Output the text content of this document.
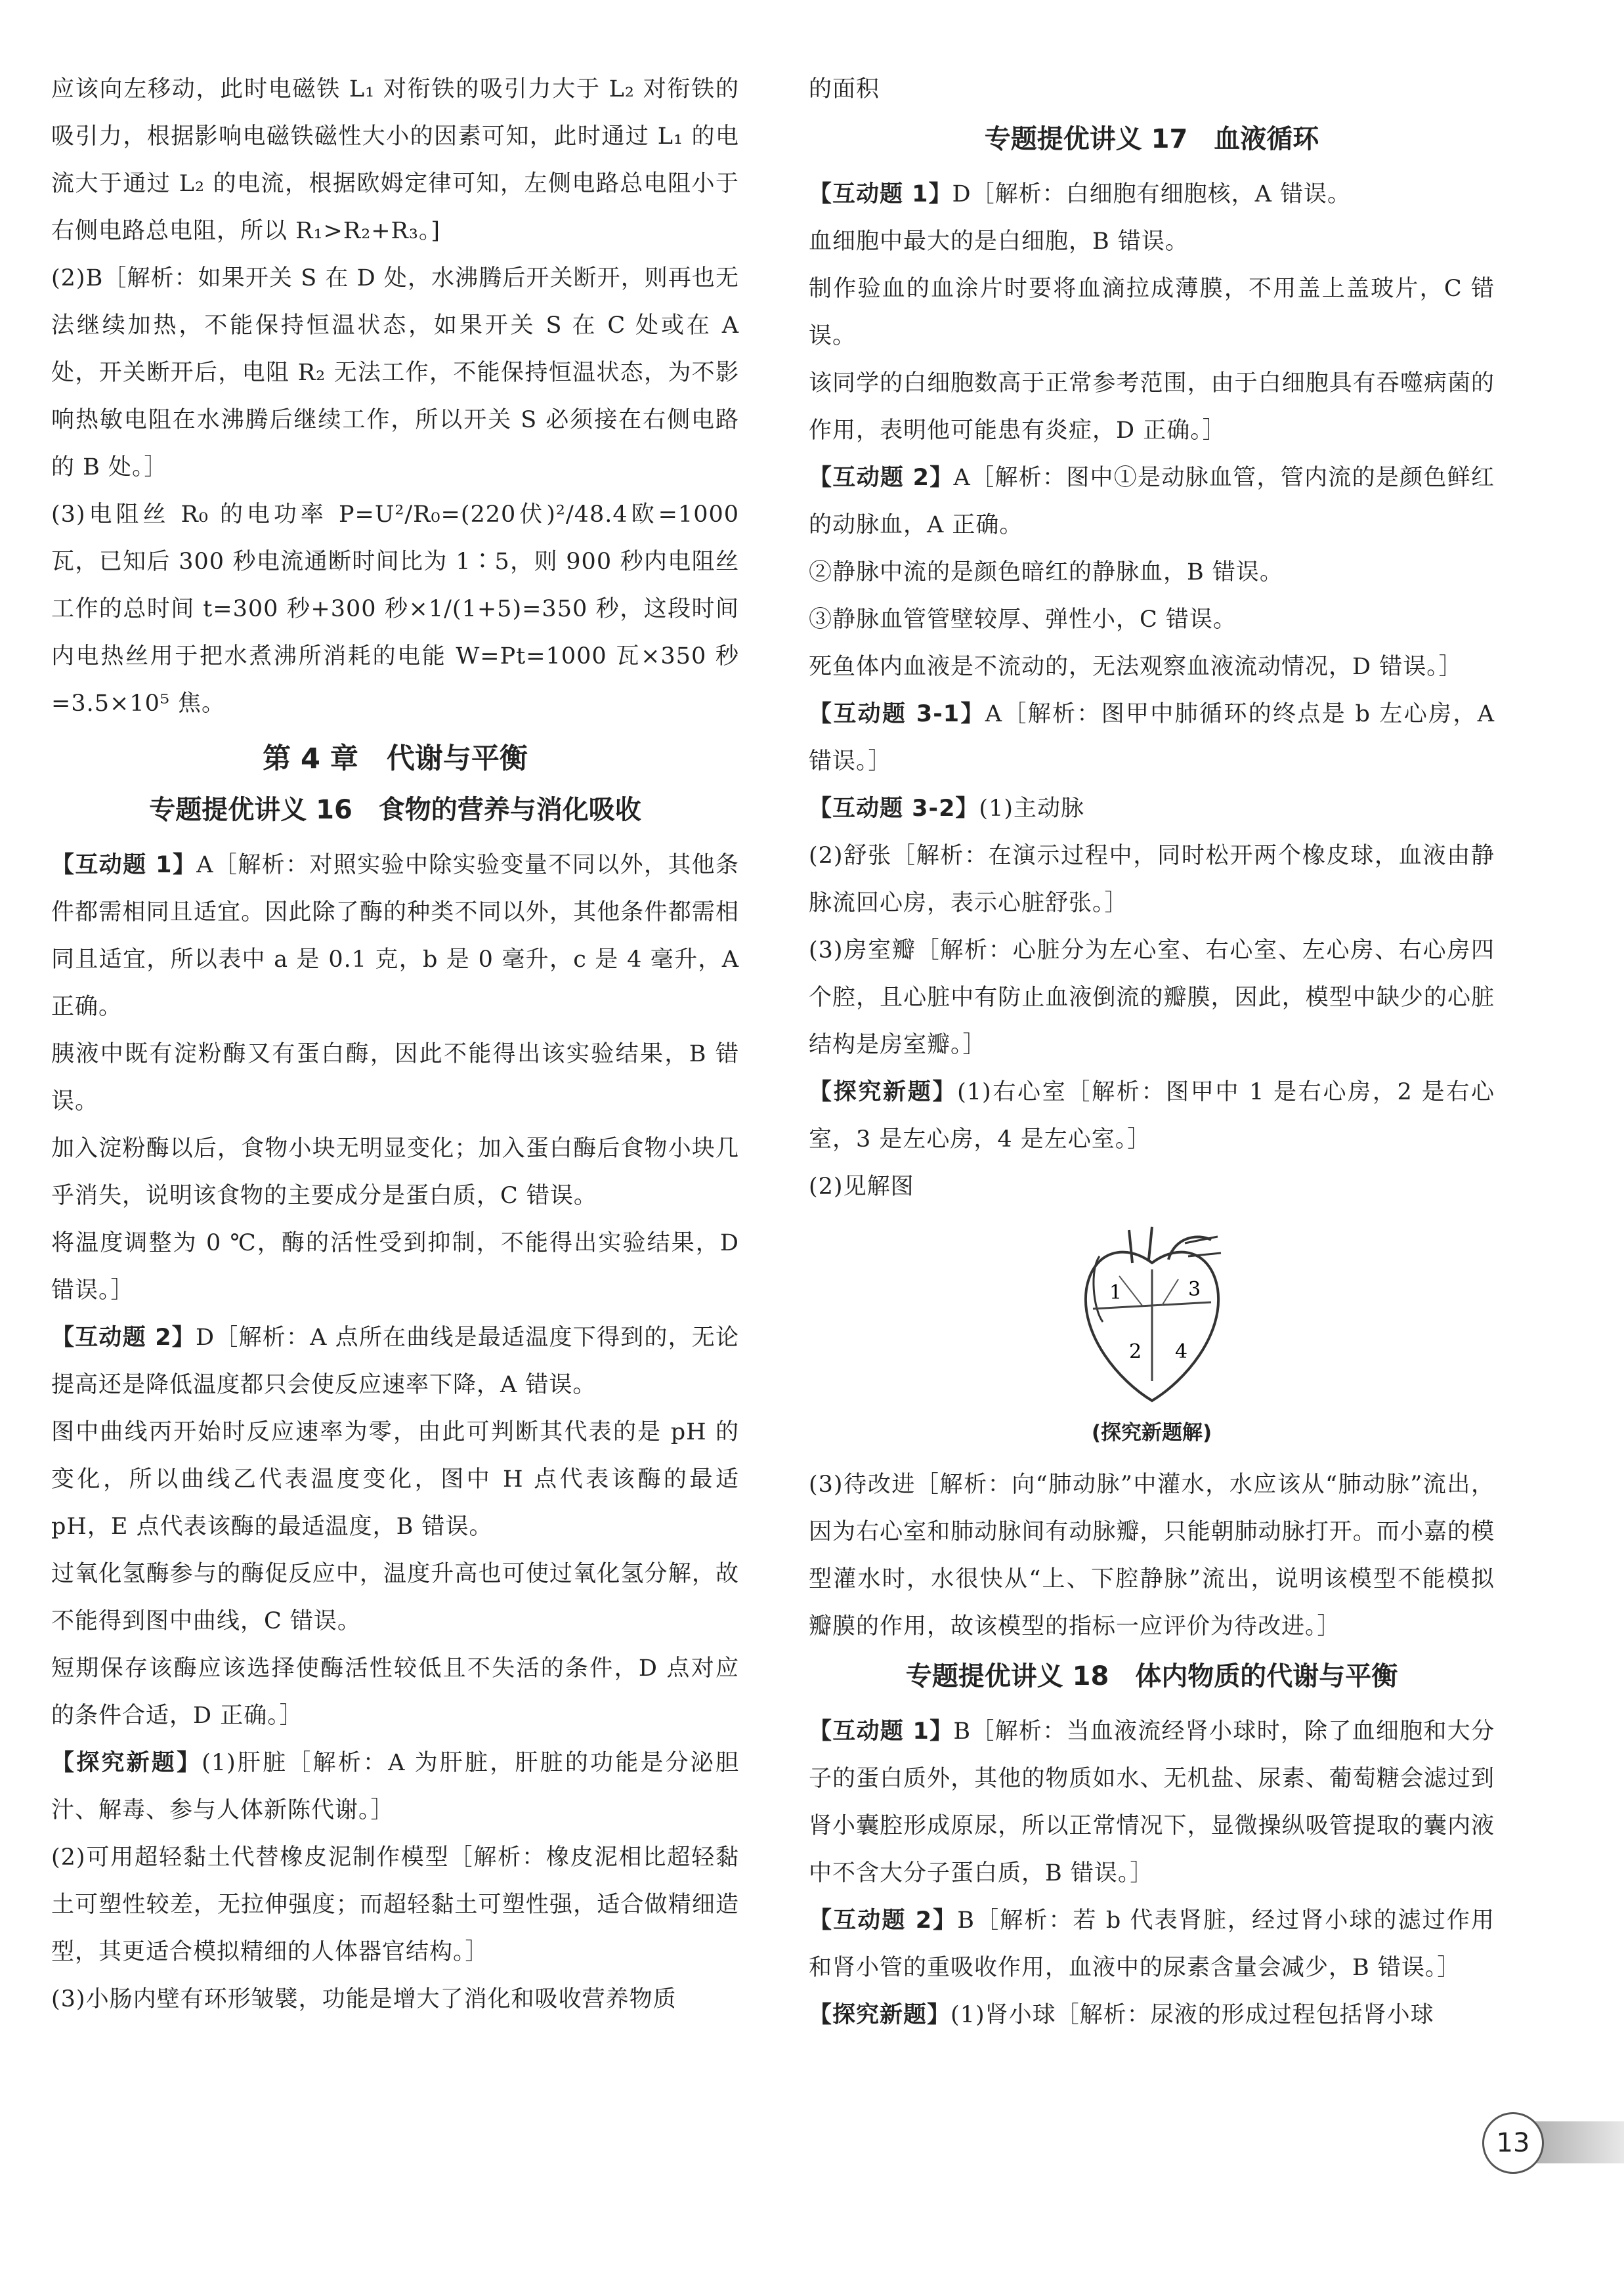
应该向左移动，此时电磁铁 L₁ 对衔铁的吸引力大于 L₂ 对衔铁的吸引力，根据影响电磁铁磁性大小的因素可知，此时通过 L₁ 的电流大于通过 L₂ 的电流，根据欧姆定律可知，左侧电路总电阻小于右侧电路总电阻，所以 R₁>R₂+R₃。]

(2)B［解析：如果开关 S 在 D 处，水沸腾后开关断开，则再也无法继续加热，不能保持恒温状态，如果开关 S 在 C 处或在 A 处，开关断开后，电阻 R₂ 无法工作，不能保持恒温状态，为不影响热敏电阻在水沸腾后继续工作，所以开关 S 必须接在右侧电路的 B 处。］

(3)电阻丝 R₀ 的电功率 P=U²/R₀=(220伏)²/48.4欧=1000 瓦，已知后 300 秒电流通断时间比为 1∶5，则 900 秒内电阻丝工作的总时间 t=300 秒+300 秒×1/(1+5)=350 秒，这段时间内电热丝用于把水煮沸所消耗的电能 W=Pt=1000 瓦×350 秒=3.5×10⁵ 焦。

第 4 章　代谢与平衡
专题提优讲义 16　食物的营养与消化吸收

【互动题 1】A［解析：对照实验中除实验变量不同以外，其他条件都需相同且适宜。因此除了酶的种类不同以外，其他条件都需相同且适宜，所以表中 a 是 0.1 克，b 是 0 毫升，c 是 4 毫升，A 正确。

胰液中既有淀粉酶又有蛋白酶，因此不能得出该实验结果，B 错误。

加入淀粉酶以后，食物小块无明显变化；加入蛋白酶后食物小块几乎消失，说明该食物的主要成分是蛋白质，C 错误。

将温度调整为 0 ℃，酶的活性受到抑制，不能得出实验结果，D 错误。］

【互动题 2】D［解析：A 点所在曲线是最适温度下得到的，无论提高还是降低温度都只会使反应速率下降，A 错误。

图中曲线丙开始时反应速率为零，由此可判断其代表的是 pH 的变化，所以曲线乙代表温度变化，图中 H 点代表该酶的最适 pH，E 点代表该酶的最适温度，B 错误。

过氧化氢酶参与的酶促反应中，温度升高也可使过氧化氢分解，故不能得到图中曲线，C 错误。

短期保存该酶应该选择使酶活性较低且不失活的条件，D 点对应的条件合适，D 正确。］

【探究新题】(1)肝脏［解析：A 为肝脏，肝脏的功能是分泌胆汁、解毒、参与人体新陈代谢。］

(2)可用超轻黏土代替橡皮泥制作模型［解析：橡皮泥相比超轻黏土可塑性较差，无拉伸强度；而超轻黏土可塑性强，适合做精细造型，其更适合模拟精细的人体器官结构。］

(3)小肠内壁有环形皱襞，功能是增大了消化和吸收营养物质

的面积

专题提优讲义 17　血液循环

【互动题 1】D［解析：白细胞有细胞核，A 错误。

血细胞中最大的是白细胞，B 错误。

制作验血的血涂片时要将血滴拉成薄膜，不用盖上盖玻片，C 错误。

该同学的白细胞数高于正常参考范围，由于白细胞具有吞噬病菌的作用，表明他可能患有炎症，D 正确。］

【互动题 2】A［解析：图中①是动脉血管，管内流的是颜色鲜红的动脉血，A 正确。

②静脉中流的是颜色暗红的静脉血，B 错误。

③静脉血管管壁较厚、弹性小，C 错误。

死鱼体内血液是不流动的，无法观察血液流动情况，D 错误。］

【互动题 3-1】A［解析：图甲中肺循环的终点是 b 左心房，A 错误。］

【互动题 3-2】(1)主动脉

(2)舒张［解析：在演示过程中，同时松开两个橡皮球，血液由静脉流回心房，表示心脏舒张。］

(3)房室瓣［解析：心脏分为左心室、右心室、左心房、右心房四个腔，且心脏中有防止血液倒流的瓣膜，因此，模型中缺少的心脏结构是房室瓣。］

【探究新题】(1)右心室［解析：图甲中 1 是右心房，2 是右心室，3 是左心房，4 是左心室。］

(2)见解图

1
2
3
4
(探究新题解)

(3)待改进［解析：向“肺动脉”中灌水，水应该从“肺动脉”流出，因为右心室和肺动脉间有动脉瓣，只能朝肺动脉打开。而小嘉的模型灌水时，水很快从“上、下腔静脉”流出，说明该模型不能模拟瓣膜的作用，故该模型的指标一应评价为待改进。］

专题提优讲义 18　体内物质的代谢与平衡

【互动题 1】B［解析：当血液流经肾小球时，除了血细胞和大分子的蛋白质外，其他的物质如水、无机盐、尿素、葡萄糖会滤过到肾小囊腔形成原尿，所以正常情况下，显微操纵吸管提取的囊内液中不含大分子蛋白质，B 错误。］

【互动题 2】B［解析：若 b 代表肾脏，经过肾小球的滤过作用和肾小管的重吸收作用，血液中的尿素含量会减少，B 错误。］

【探究新题】(1)肾小球［解析：尿液的形成过程包括肾小球

13
